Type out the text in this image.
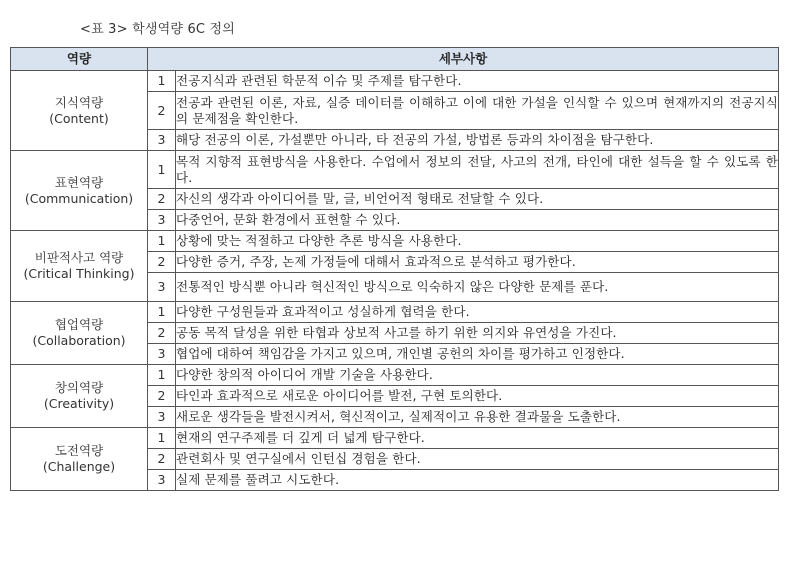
<표 3> 학생역량 6C 정의
역량	세부사항	

지식역량
(Content)	1	전공지식과 관련된 학문적 이슈 및 주제를 탐구한다.
	2	전공과 관련된 이론, 자료, 실증 데이터를 이해하고 이에 대한 가설을 인식할 수 있으며 현재까지의 전공지식의 문제점을 확인한다.
	3	해당 전공의 이론, 가설뿐만 아니라, 타 전공의 가설, 방법론 등과의 차이점을 탐구한다.

표현역량
(Communication)	1	목적 지향적 표현방식을 사용한다. 수업에서 정보의 전달, 사고의 전개, 타인에 대한 설득을 할 수 있도록 한다.
	2	자신의 생각과 아이디어를 말, 글, 비언어적 형태로 전달할 수 있다.
	3	다중언어, 문화 환경에서 표현할 수 있다.

비판적사고 역량
(Critical Thinking)	1	상황에 맞는 적절하고 다양한 추론 방식을 사용한다.
	2	다양한 증거, 주장, 논제 가정들에 대해서 효과적으로 분석하고 평가한다.
	3	전통적인 방식뿐 아니라 혁신적인 방식으로 익숙하지 않은 다양한 문제를 푼다.

협업역량
(Collaboration)	1	다양한 구성원들과 효과적이고 성실하게 협력을 한다.
	2	공동 목적 달성을 위한 타협과 상보적 사고를 하기 위한 의지와 유연성을 가진다.
	3	협업에 대하여 책임감을 가지고 있으며, 개인별 공헌의 차이를 평가하고 인정한다.

창의역량
(Creativity)	1	다양한 창의적 아이디어 개발 기술을 사용한다.
	2	타인과 효과적으로 새로운 아이디어를 발전, 구현 토의한다.
	3	새로운 생각들을 발전시켜서, 혁신적이고, 실제적이고 유용한 결과물을 도출한다.

도전역량
(Challenge)	1	현재의 연구주제를 더 깊게 더 넓게 탐구한다.
	2	관련회사 및 연구실에서 인턴십 경험을 한다.
	3	실제 문제를 풀려고 시도한다.
